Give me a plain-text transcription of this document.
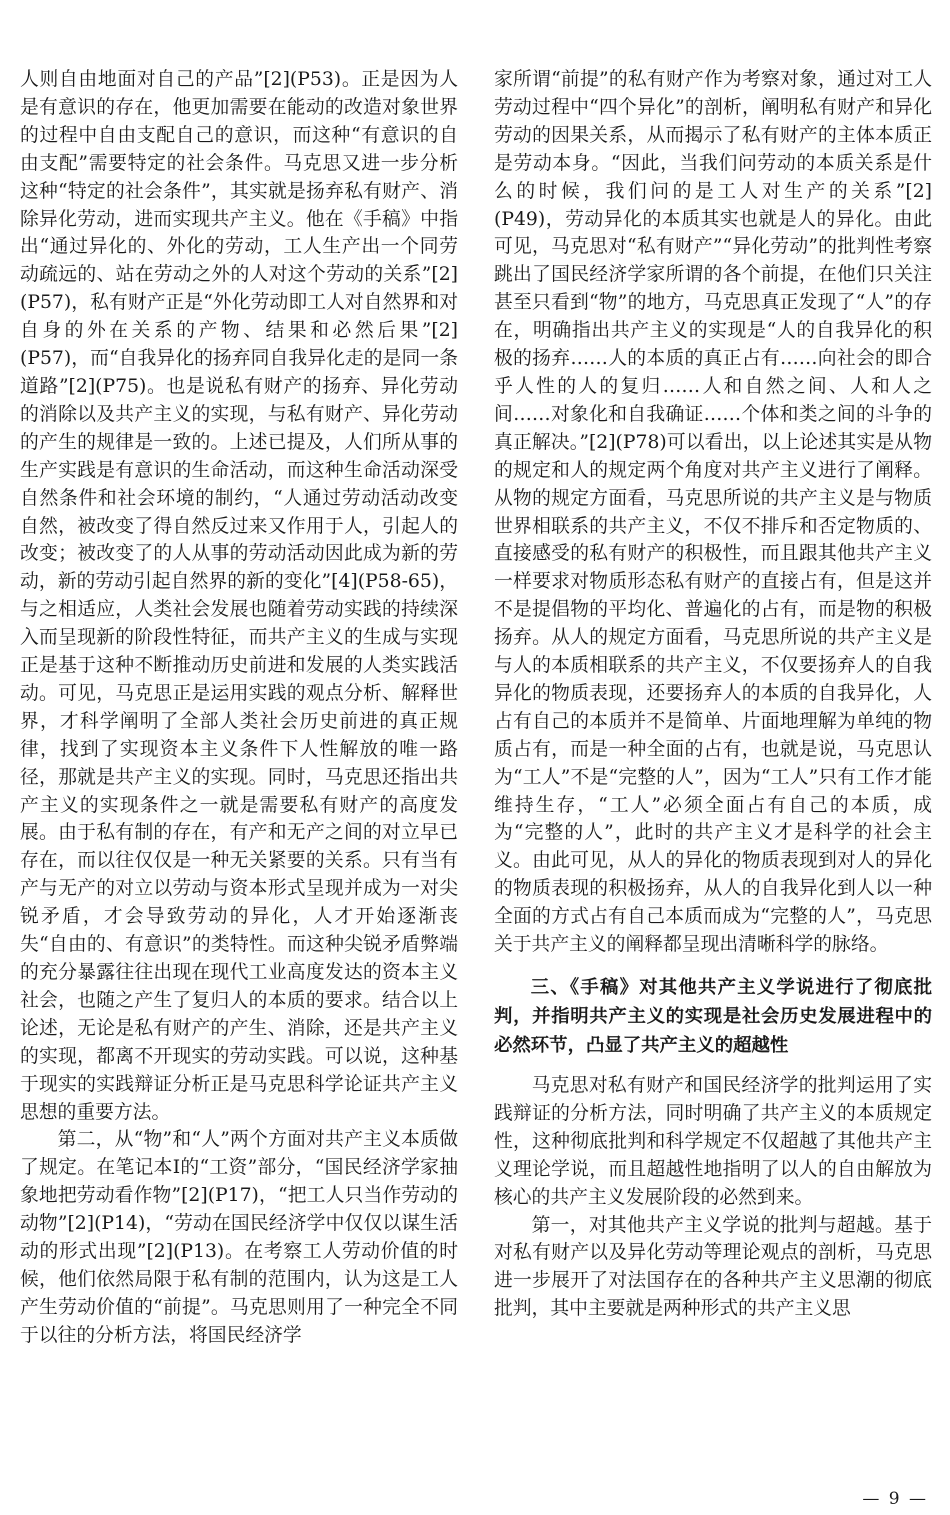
人则自由地面对自己的产品”[2](P53)。正是因为人是有意识的存在，他更加需要在能动的改造对象世界的过程中自由支配自己的意识，而这种“有意识的自由支配”需要特定的社会条件。马克思又进一步分析这种“特定的社会条件”，其实就是扬弃私有财产、消除异化劳动，进而实现共产主义。他在《手稿》中指出“通过异化的、外化的劳动，工人生产出一个同劳动疏远的、站在劳动之外的人对这个劳动的关系”[2](P57)，私有财产正是“外化劳动即工人对自然界和对自身的外在关系的产物、结果和必然后果”[2](P57)，而“自我异化的扬弃同自我异化走的是同一条道路”[2](P75)。也是说私有财产的扬弃、异化劳动的消除以及共产主义的实现，与私有财产、异化劳动的产生的规律是一致的。上述已提及，人们所从事的生产实践是有意识的生命活动，而这种生命活动深受自然条件和社会环境的制约，“人通过劳动活动改变自然，被改变了得自然反过来又作用于人，引起人的改变；被改变了的人从事的劳动活动因此成为新的劳动，新的劳动引起自然界的新的变化”[4](P58-65)，与之相适应，人类社会发展也随着劳动实践的持续深入而呈现新的阶段性特征，而共产主义的生成与实现正是基于这种不断推动历史前进和发展的人类实践活动。可见，马克思正是运用实践的观点分析、解释世界，才科学阐明了全部人类社会历史前进的真正规律，找到了实现资本主义条件下人性解放的唯一路径，那就是共产主义的实现。同时，马克思还指出共产主义的实现条件之一就是需要私有财产的高度发展。由于私有制的存在，有产和无产之间的对立早已存在，而以往仅仅是一种无关紧要的关系。只有当有产与无产的对立以劳动与资本形式呈现并成为一对尖锐矛盾，才会导致劳动的异化，人才开始逐渐丧失“自由的、有意识”的类特性。而这种尖锐矛盾弊端的充分暴露往往出现在现代工业高度发达的资本主义社会，也随之产生了复归人的本质的要求。结合以上论述，无论是私有财产的产生、消除，还是共产主义的实现，都离不开现实的劳动实践。可以说，这种基于现实的实践辩证分析正是马克思科学论证共产主义思想的重要方法。

第二，从“物”和“人”两个方面对共产主义本质做了规定。在笔记本Ⅰ的“工资”部分，“国民经济学家抽象地把劳动看作物”[2](P17)，“把工人只当作劳动的动物”[2](P14)，“劳动在国民经济学中仅仅以谋生活动的形式出现”[2](P13)。在考察工人劳动价值的时候，他们依然局限于私有制的范围内，认为这是工人产生劳动价值的“前提”。马克思则用了一种完全不同于以往的分析方法，将国民经济学

家所谓“前提”的私有财产作为考察对象，通过对工人劳动过程中“四个异化”的剖析，阐明私有财产和异化劳动的因果关系，从而揭示了私有财产的主体本质正是劳动本身。“因此，当我们问劳动的本质关系是什么的时候，我们问的是工人对生产的关系”[2](P49)，劳动异化的本质其实也就是人的异化。由此可见，马克思对“私有财产”“异化劳动”的批判性考察跳出了国民经济学家所谓的各个前提，在他们只关注甚至只看到“物”的地方，马克思真正发现了“人”的存在，明确指出共产主义的实现是“人的自我异化的积极的扬弃……人的本质的真正占有……向社会的即合乎人性的人的复归……人和自然之间、人和人之间……对象化和自我确证……个体和类之间的斗争的真正解决。”[2](P78)可以看出，以上论述其实是从物的规定和人的规定两个角度对共产主义进行了阐释。从物的规定方面看，马克思所说的共产主义是与物质世界相联系的共产主义，不仅不排斥和否定物质的、直接感受的私有财产的积极性，而且跟其他共产主义一样要求对物质形态私有财产的直接占有，但是这并不是提倡物的平均化、普遍化的占有，而是物的积极扬弃。从人的规定方面看，马克思所说的共产主义是与人的本质相联系的共产主义，不仅要扬弃人的自我异化的物质表现，还要扬弃人的本质的自我异化，人占有自己的本质并不是简单、片面地理解为单纯的物质占有，而是一种全面的占有，也就是说，马克思认为“工人”不是“完整的人”，因为“工人”只有工作才能维持生存，“工人”必须全面占有自己的本质，成为“完整的人”，此时的共产主义才是科学的社会主义。由此可见，从人的异化的物质表现到对人的异化的物质表现的积极扬弃，从人的自我异化到人以一种全面的方式占有自己本质而成为“完整的人”，马克思关于共产主义的阐释都呈现出清晰科学的脉络。

三、《手稿》对其他共产主义学说进行了彻底批判，并指明共产主义的实现是社会历史发展进程中的必然环节，凸显了共产主义的超越性

马克思对私有财产和国民经济学的批判运用了实践辩证的分析方法，同时明确了共产主义的本质规定性，这种彻底批判和科学规定不仅超越了其他共产主义理论学说，而且超越性地指明了以人的自由解放为核心的共产主义发展阶段的必然到来。

第一，对其他共产主义学说的批判与超越。基于对私有财产以及异化劳动等理论观点的剖析，马克思进一步展开了对法国存在的各种共产主义思潮的彻底批判，其中主要就是两种形式的共产主义思

— 9 —
